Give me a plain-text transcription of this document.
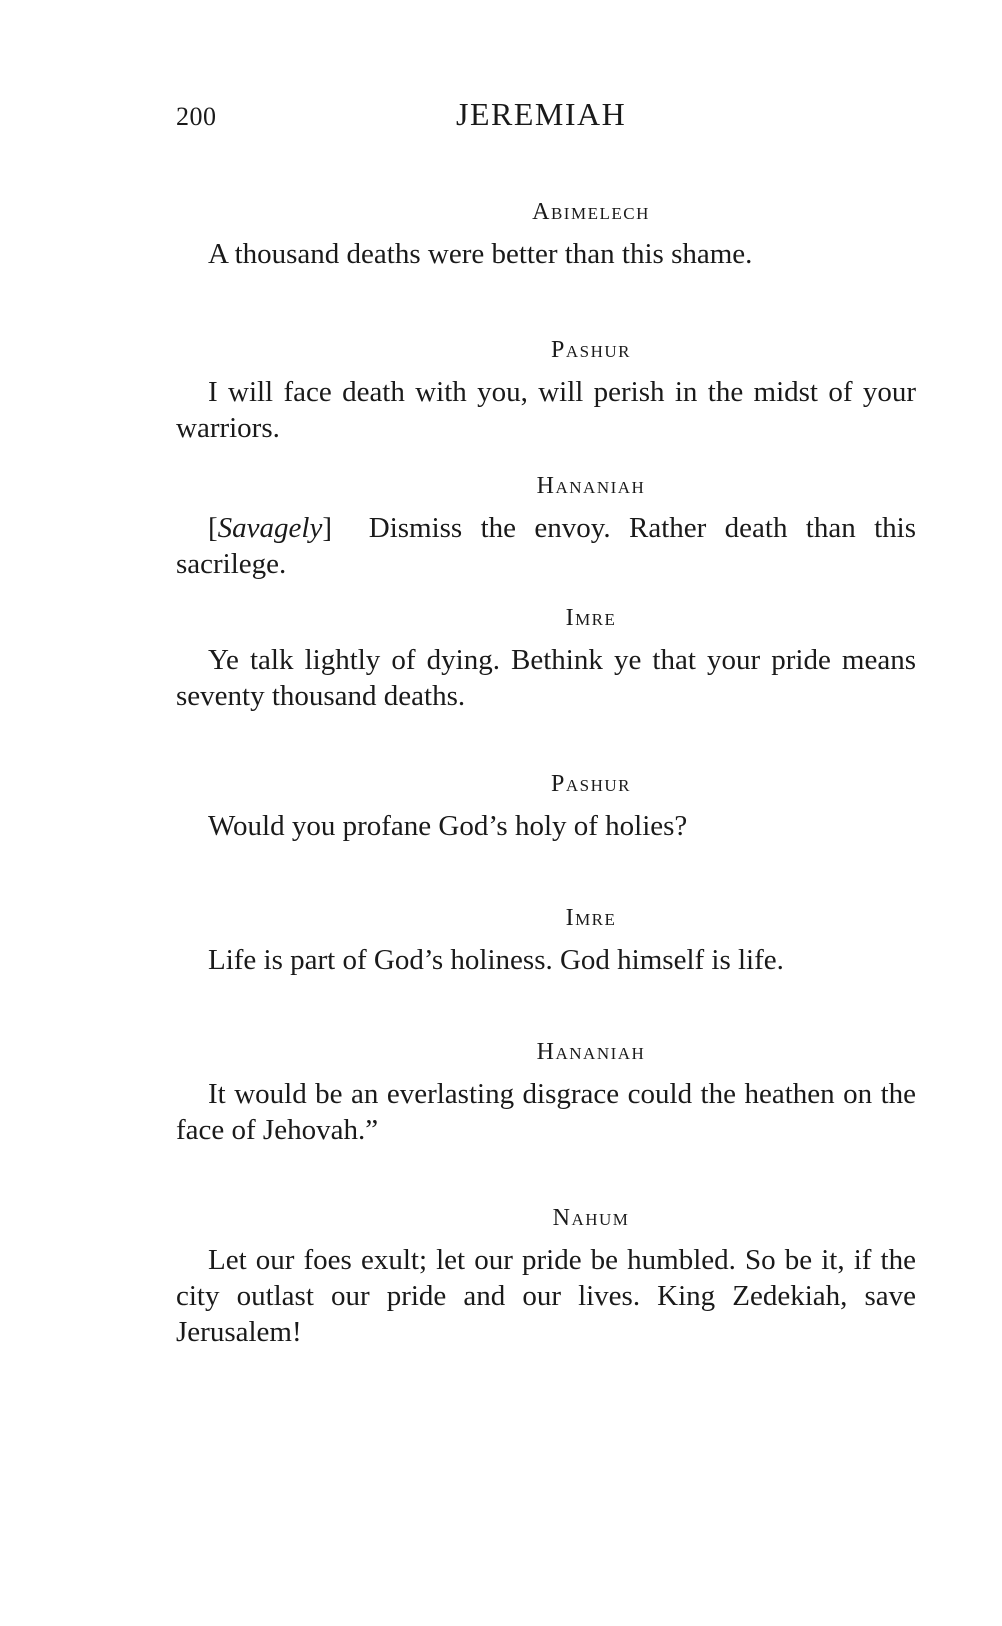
200	JEREMIAH
Abimelech

A thousand deaths were better than this shame.

Pashur

I will face death with you, will perish in the midst of your warriors.

Hananiah

[Savagely] Dismiss the envoy. Rather death than this sacrilege.

Imre

Ye talk lightly of dying. Bethink ye that your pride means seventy thousand deaths.

Pashur

Would you profane God’s holy of holies?

Imre

Life is part of God’s holiness. God himself is life.

Hananiah

It would be an everlasting disgrace could the heathen on the face of Jehovah.”

Nahum

Let our foes exult; let our pride be humbled. So be it, if the city outlast our pride and our lives. King Zedekiah, save Jerusalem!
